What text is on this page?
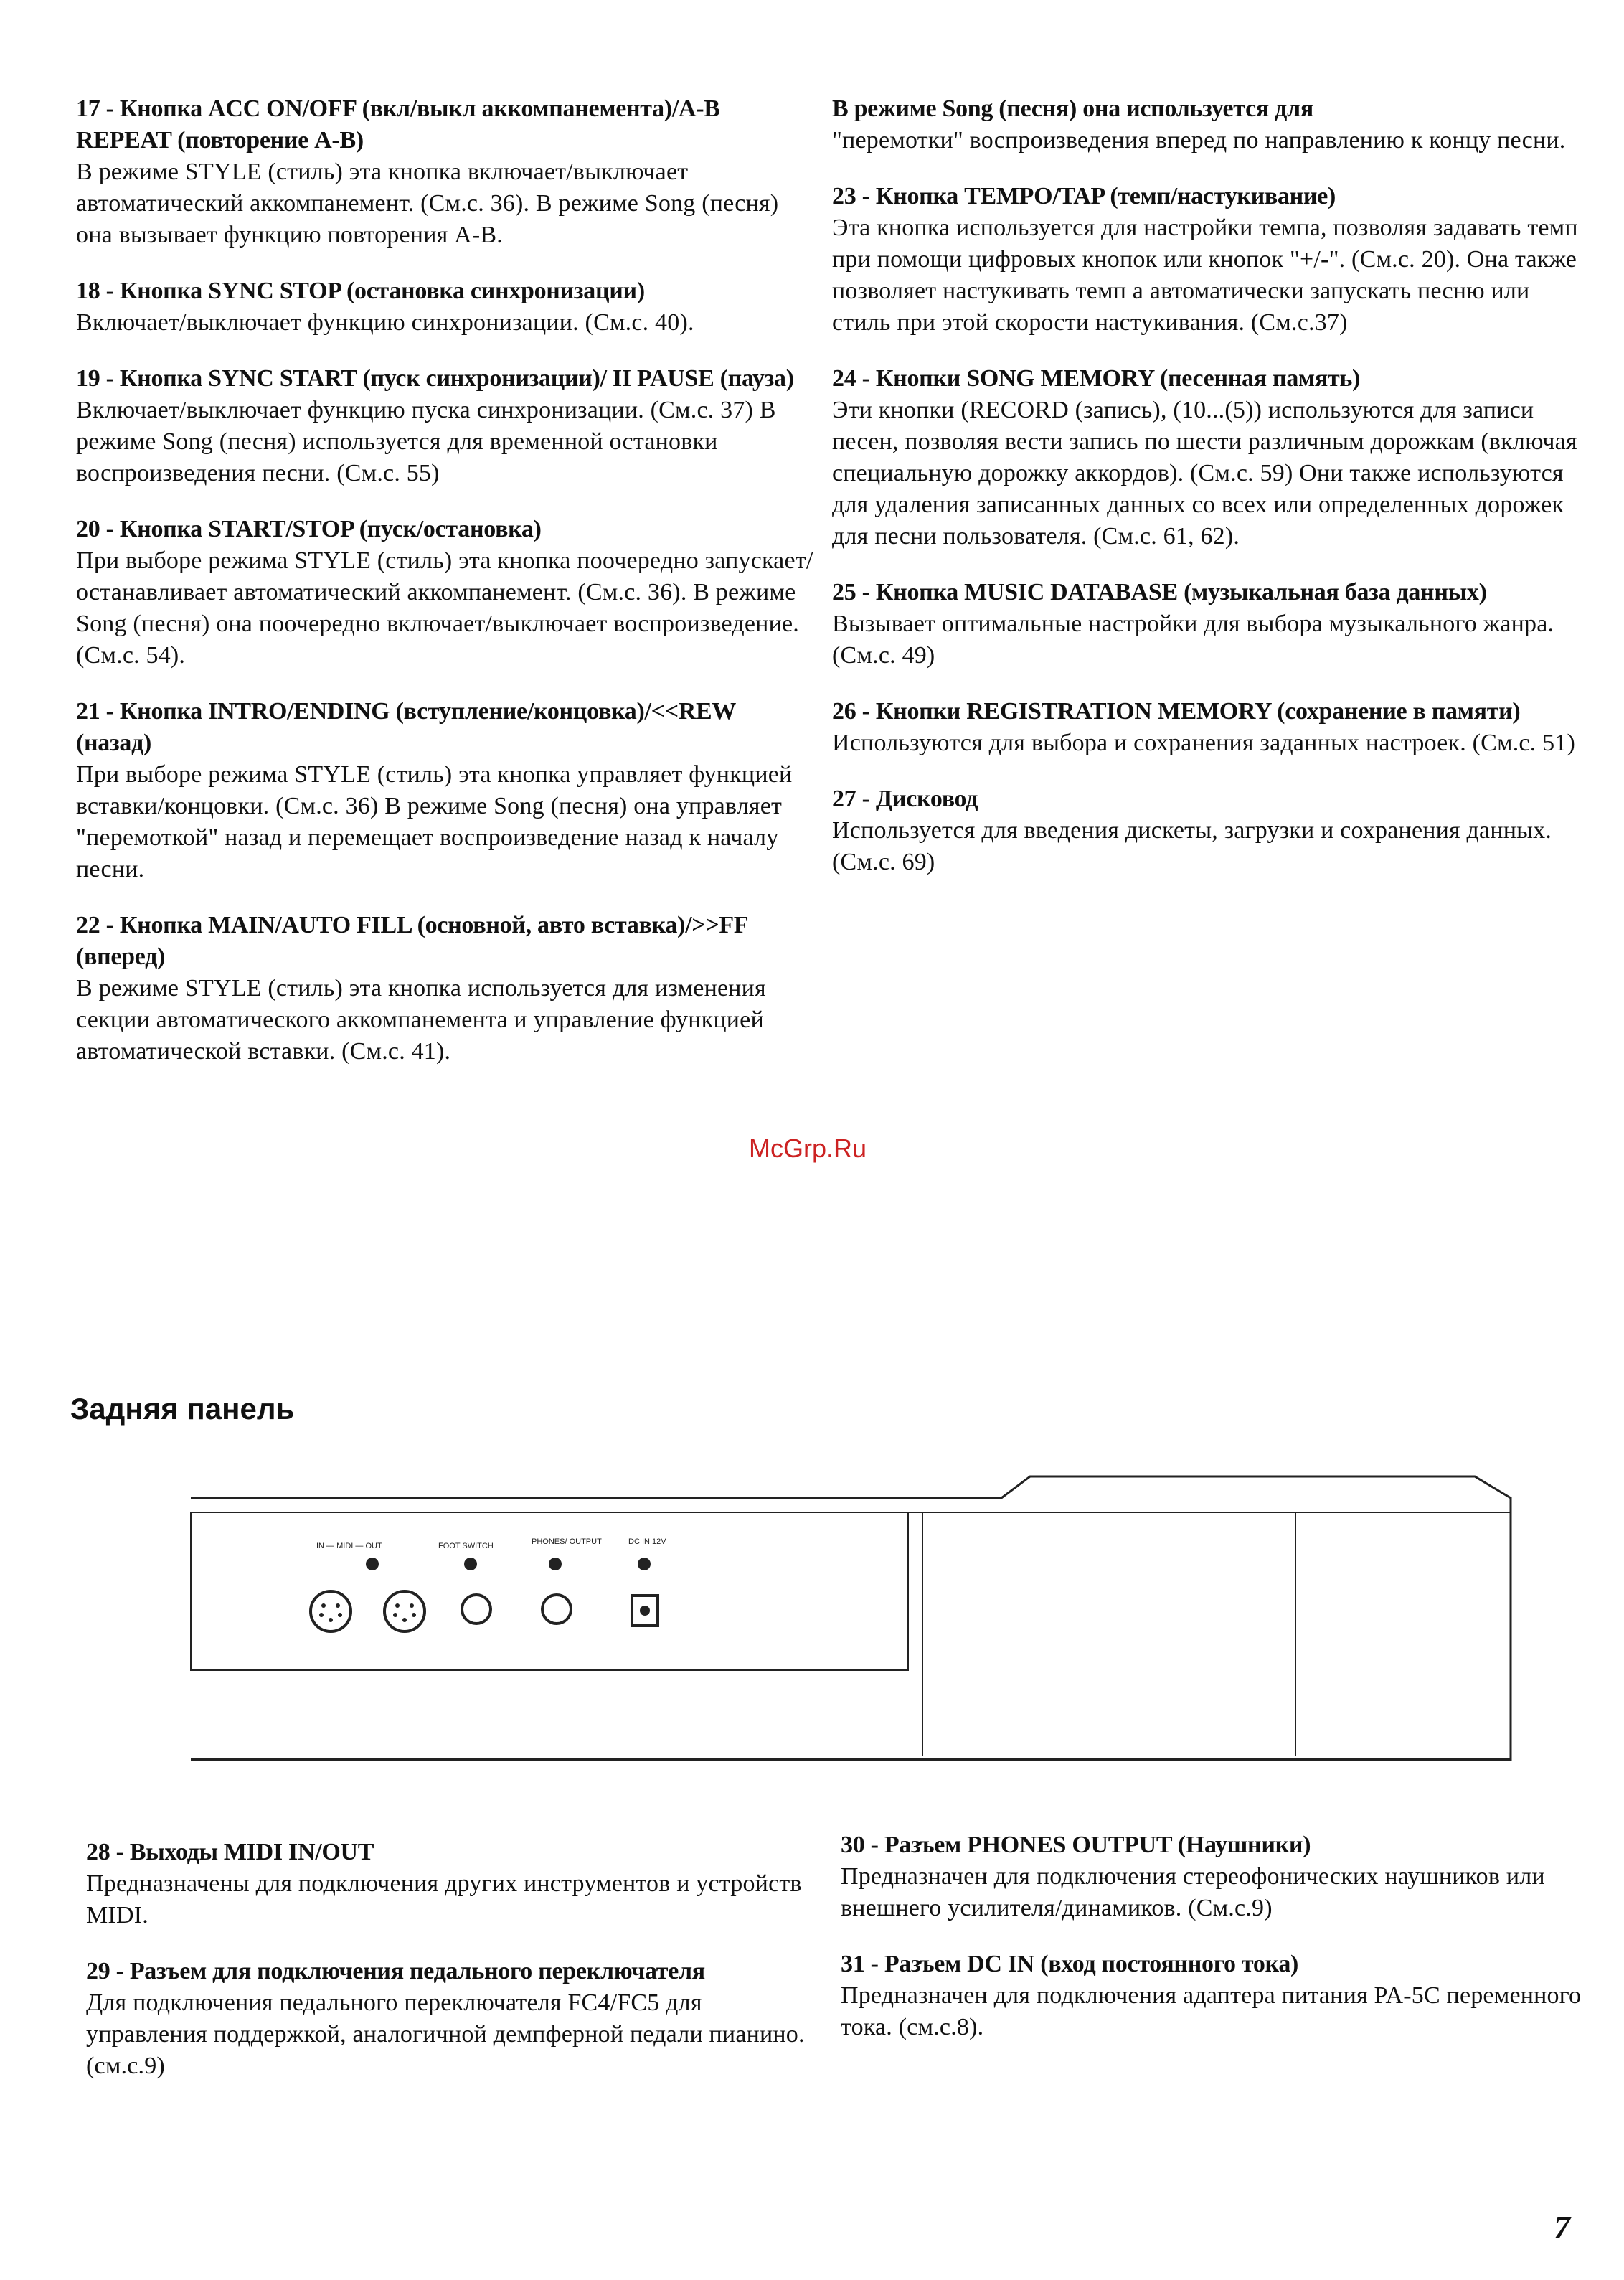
17 - Кнопка ACC ON/OFF (вкл/выкл аккомпанемента)/A-B REPEAT (повторение A-B)

В режиме STYLE (стиль) эта кнопка включает/выключает автоматический аккомпанемент. (См.с. 36). В режиме Song (песня) она вызывает функцию повторения A-B.

18 - Кнопка SYNC STOP (остановка синхронизации)

Включает/выключает функцию синхронизации. (См.с. 40).

19 - Кнопка SYNC START (пуск синхронизации)/ II PAUSE (пауза)

Включает/выключает функцию пуска синхронизации. (См.с. 37) В режиме Song (песня) используется для временной остановки воспроизведения песни. (См.с. 55)

20 - Кнопка START/STOP (пуск/остановка)

При выборе режима STYLE (стиль) эта кнопка поочередно запускает/останавливает автоматический аккомпанемент. (См.с. 36). В режиме Song (песня) она поочередно включает/выключает воспроизведение. (См.с. 54).

21 - Кнопка INTRO/ENDING (вступление/концовка)/<<REW (назад)

При выборе режима STYLE (стиль) эта кнопка управляет функцией вставки/концовки. (См.с. 36) В режиме Song (песня) она управляет "перемоткой" назад и перемещает воспроизведение назад к началу песни.

22 - Кнопка MAIN/AUTO FILL (основной, авто вставка)/>>FF (вперед)

В режиме STYLE (стиль) эта кнопка используется для изменения секции автоматического аккомпанемента и управление функцией автоматической вставки. (См.с. 41).

В режиме Song (песня) она используется для

"перемотки" воспроизведения вперед по направлению к концу песни.

23 - Кнопка TEMPO/TAP (темп/настукивание)

Эта кнопка используется для настройки темпа, позволяя задавать темп при помощи цифровых кнопок или кнопок "+/-". (См.с. 20). Она также позволяет настукивать темп а автоматически запускать песню или стиль при этой скорости настукивания. (См.с.37)

24 - Кнопки SONG MEMORY (песенная память)

Эти кнопки (RECORD (запись), (10...(5)) используются для записи песен, позволяя вести запись по шести различным дорожкам (включая специальную дорожку аккордов). (См.с. 59) Они также используются для удаления записанных данных со всех или определенных дорожек для песни пользователя. (См.с. 61, 62).

25 - Кнопка MUSIC DATABASE (музыкальная база данных)

Вызывает оптимальные настройки для выбора музыкального жанра. (См.с. 49)

26 - Кнопки REGISTRATION MEMORY (сохранение в памяти)

Используются для выбора и сохранения заданных настроек. (См.с. 51)

27 - Дисковод

Используется для введения дискеты, загрузки и сохранения данных. (См.с. 69)

McGrp.Ru

Задняя панель
IN — MIDI — OUT	FOOT SWITCH	PHONES/ OUTPUT	DC IN 12V

28 - Выходы MIDI IN/OUT

Предназначены для подключения других инструментов и устройств MIDI.

29 - Разъем для подключения педального переключателя

Для подключения педального переключателя FC4/FC5 для управления поддержкой, аналогичной демпферной педали пианино. (см.с.9)

30 - Разъем PHONES OUTPUT (Наушники)

Предназначен для подключения стереофонических наушников или внешнего усилителя/динамиков. (См.с.9)

31 - Разъем DC IN (вход постоянного тока)

Предназначен для подключения адаптера питания PA-5C переменного тока. (см.с.8).

7
